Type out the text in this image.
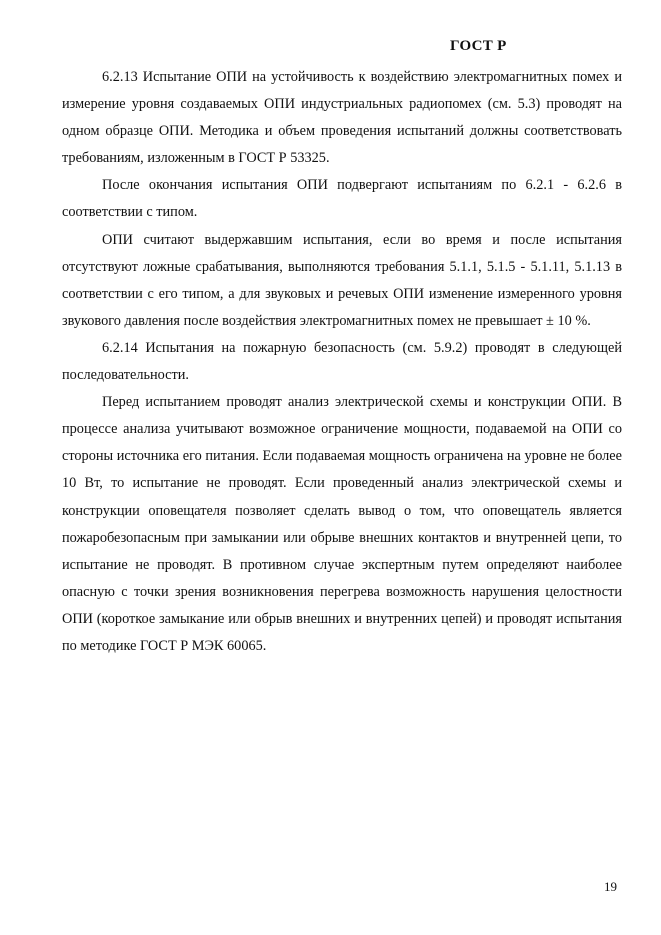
ГОСТ Р

6.2.13 Испытание ОПИ на устойчивость к воздействию электромагнитных помех и измерение уровня создаваемых ОПИ индустриальных радиопомех (см. 5.3) проводят на одном образце ОПИ. Методика и объем проведения испытаний должны соответствовать требованиям, изложенным в ГОСТ Р 53325.

После окончания испытания ОПИ подвергают испытаниям по 6.2.1 - 6.2.6 в соответствии с типом.

ОПИ считают выдержавшим испытания, если во время и после испытания отсутствуют ложные срабатывания, выполняются требования 5.1.1, 5.1.5 - 5.1.11, 5.1.13 в соответствии с его типом, а для звуковых и речевых ОПИ изменение измеренного уровня звукового давления после воздействия электромагнитных помех не превышает ± 10 %.

6.2.14 Испытания на пожарную безопасность (см. 5.9.2) проводят в следующей последовательности.

Перед испытанием проводят анализ электрической схемы и конструкции ОПИ. В процессе анализа учитывают возможное ограничение мощности, подаваемой на ОПИ со стороны источника его питания. Если подаваемая мощность ограничена на уровне не более 10 Вт, то испытание не проводят. Если проведенный анализ электрической схемы и конструкции оповещателя позволяет сделать вывод о том, что оповещатель является пожаробезопасным при замыкании или обрыве внешних контактов и внутренней цепи, то испытание не проводят. В противном случае экспертным путем определяют наиболее опасную с точки зрения возникновения перегрева возможность нарушения целостности ОПИ (короткое замыкание или обрыв внешних и внутренних цепей) и проводят испытания по методике ГОСТ Р МЭК 60065.

19
